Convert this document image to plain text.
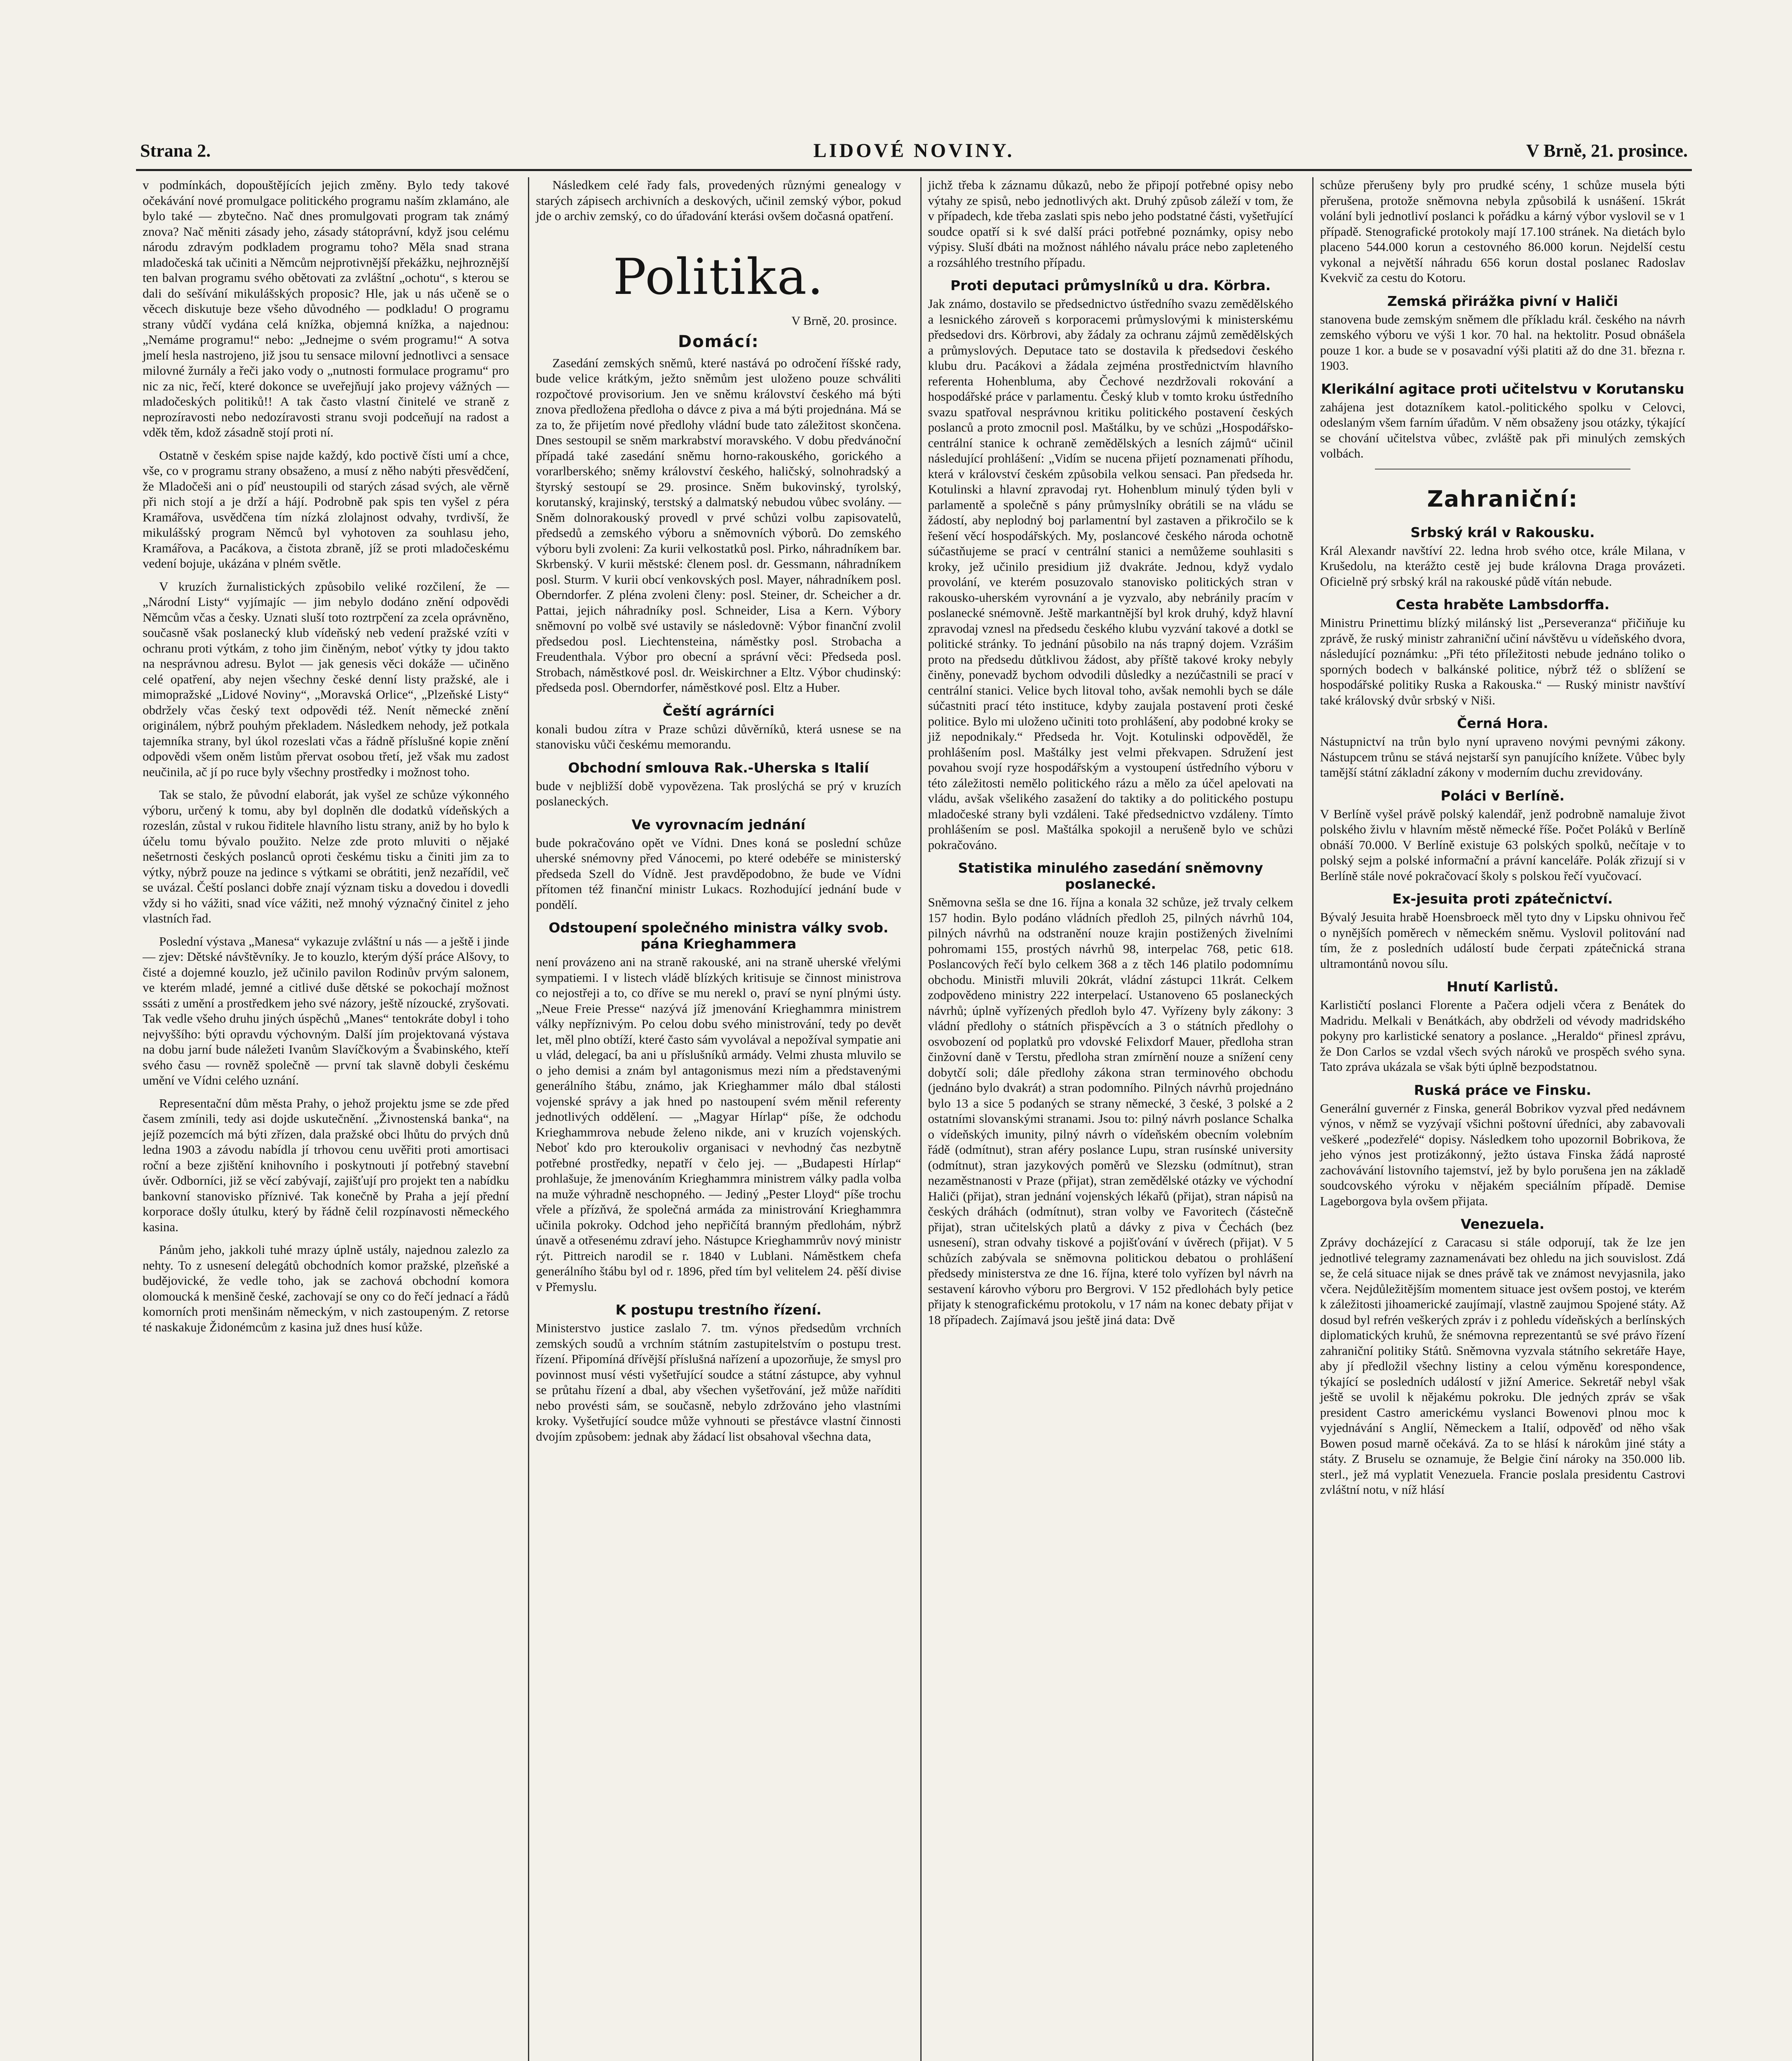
Strana 2.	LIDOVÉ NOVINY.	V Brně, 21. prosince.

v podmínkách, dopouštějících jejich změny. Bylo tedy takové očekávání nové promulgace politického programu naším zklamáno, ale bylo také — zbytečno. Nač dnes promulgovati program tak známý znova? Nač měniti zásady jeho, zásady státoprávní, když jsou celému národu zdravým podkladem programu toho? Měla snad strana mladočeská tak učiniti a Němcům nejprotivnější překážku, nejhroznější ten balvan programu svého obětovati za zvláštní „ochotu“, s kterou se dali do sešívání mikulášských proposic? Hle, jak u nás učeně se o věcech diskutuje beze všeho důvodného — podkladu! O programu strany vůdčí vydána celá knížka, objemná knížka, a najednou: „Nemáme programu!“ nebo: „Jednejme o svém programu!“ A sotva jmelí hesla nastrojeno, již jsou tu sensace milovní jednotlivci a sensace milovné žurnály a řeči jako vody o „nutnosti formulace programu“ pro nic za nic, řečí, které dokonce se uveřejňují jako projevy vážných — mladočeských politiků!! A tak často vlastní činitelé ve straně z neprozíravosti nebo nedozíravosti stranu svoji podceňují na radost a vděk těm, kdož zásadně stojí proti ní.

Ostatně v českém spise najde každý, kdo poctivě čísti umí a chce, vše, co v programu strany obsaženo, a musí z něho nabýti přesvědčení, že Mladočeši ani o píď neustoupili od starých zásad svých, ale věrně při nich stojí a je drží a hájí. Podrobně pak spis ten vyšel z péra Kramářova, usvědčena tím nízká zlolajnost odvahy, tvrdivší, že mikulášský program Němců byl vyhotoven za souhlasu jeho, Kramářova, a Pacákova, a čistota zbraně, jíž se proti mladočeskému vedení bojuje, ukázána v plném světle.

V kruzích žurnalistických způsobilo veliké rozčilení, že — „Národní Listy“ vyjímajíc — jim nebylo dodáno znění odpovědi Němcům včas a česky. Uznati sluší toto roztrpčení za zcela oprávněno, současně však poslanecký klub vídeňský neb vedení pražské vzíti v ochranu proti výtkám, z toho jim činěným, neboť výtky ty jdou takto na nesprávnou adresu. Bylot — jak genesis věci dokáže — učiněno celé opatření, aby nejen všechny české denní listy pražské, ale i mimopražské „Lidové Noviny“, „Moravská Orlice“, „Plzeňské Listy“ obdržely včas český text odpovědi též. Nenít německé znění originálem, nýbrž pouhým překladem. Následkem nehody, jež potkala tajemníka strany, byl úkol rozeslati včas a řádně příslušné kopie znění odpovědi všem oněm listům přervat osobou třetí, jež však mu zadost neučinila, ač jí po ruce byly všechny prostředky i možnost toho.

Tak se stalo, že původní elaborát, jak vyšel ze schůze výkonného výboru, určený k tomu, aby byl doplněn dle dodatků vídeňských a rozeslán, zůstal v rukou řiditele hlavního listu strany, aniž by ho bylo k účelu tomu bývalo použito. Nelze zde proto mluviti o nějaké nešetrnosti českých poslanců oproti českému tisku a činiti jim za to výtky, nýbrž pouze na jedince s výtkami se obrátiti, jenž nezařídil, več se uvázal. Čeští poslanci dobře znají význam tisku a dovedou i dovedli vždy si ho vážiti, snad více vážiti, než mnohý význačný činitel z jeho vlastních řad.

Poslední výstava „Manesa“ vykazuje zvláštní u nás — a ještě i jinde — zjev: Dětské návštěvníky. Je to kouzlo, kterým dýší práce Alšovy, to čisté a dojemné kouzlo, jež učinilo pavilon Rodinův prvým salonem, ve kterém mladé, jemné a citlivé duše dětské se pokochají možnost sssáti z umění a prostředkem jeho své názory, ještě nízoucké, zryšovati. Tak vedle všeho druhu jiných úspěchů „Manes“ tentokráte dobyl i toho nejvyššího: býti opravdu výchovným. Další jím projektovaná výstava na dobu jarní bude náležeti Ivanům Slavíčkovým a Švabinského, kteří svého času — rovněž společně — první tak slavně dobyli českému umění ve Vídni celého uznání.

Representační dům města Prahy, o jehož projektu jsme se zde před časem zmínili, tedy asi dojde uskutečnění. „Živnostenská banka“, na jejíž pozemcích má býti zřízen, dala pražské obci lhůtu do prvých dnů ledna 1903 a závodu nabídla jí trhovou cenu uvěřiti proti amortisaci roční a beze zjištění knihovního i poskytnouti jí potřebný stavební úvěr. Odborníci, již se věcí zabývají, zajišťují pro projekt ten a nabídku bankovní stanovisko příznivé. Tak konečně by Praha a její přední korporace došly útulku, který by řádně čelil rozpínavosti německého kasina.

Pánům jeho, jakkoli tuhé mrazy úplně ustály, najednou zalezlo za nehty. To z usnesení delegátů obchodních komor pražské, plzeňské a budějovické, že vedle toho, jak se zachová obchodní komora olomoucká k menšině české, zachovají se ony co do řečí jednací a řádů komorních proti menšinám německým, v nich zastoupeným. Z retorse té naskakuje Židonémcům z kasina juž dnes husí kůže.

Následkem celé řady fals, provedených různými genealogy v starých zápisech archivních a deskových, učinil zemský výbor, pokud jde o archiv zemský, co do úřadování kterási ovšem dočasná opatření.

Politika.
V Brně, 20. prosince.
Domácí:

Zasedání zemských sněmů, které nastává po odročení říšské rady, bude velice krátkým, ježto sněmům jest uloženo pouze schváliti rozpočtové provisorium. Jen ve sněmu království českého má býti znova předložena předloha o dávce z piva a má býti projednána. Má se za to, že přijetím nové předlohy vládní bude tato záležitost skončena. Dnes sestoupil se sněm markrabství moravského. V dobu předvánoční případá také zasedání sněmu horno-rakouského, gorického a vorarlberského; sněmy království českého, haličský, solnohradský a štyrský sestoupí se 29. prosince. Sněm bukovinský, tyrolský, korutanský, krajinský, terstský a dalmatský nebudou vůbec svolány. — Sněm dolnorakouský provedl v prvé schůzi volbu zapisovatelů, předsedů a zemského výboru a sněmovních výborů. Do zemského výboru byli zvoleni: Za kurii velkostatků posl. Pirko, náhradníkem bar. Skrbenský. V kurii městské: členem posl. dr. Gessmann, náhradníkem posl. Sturm. V kurii obcí venkovských posl. Mayer, náhradníkem posl. Oberndorfer. Z pléna zvoleni členy: posl. Steiner, dr. Scheicher a dr. Pattai, jejich náhradníky posl. Schneider, Lisa a Kern. Výbory sněmovní po volbě své ustavily se následovně: Výbor finanční zvolil předsedou posl. Liechtensteina, náměstky posl. Strobacha a Freudenthala. Výbor pro obecní a správní věci: Předseda posl. Strobach, náměstkové posl. dr. Weiskirchner a Eltz. Výbor chudinský: předseda posl. Oberndorfer, náměstkové posl. Eltz a Huber.

Čeští agrárníci

konali budou zítra v Praze schůzi důvěrníků, která usnese se na stanovisku vůči českému memorandu.

Obchodní smlouva Rak.-Uherska s Italií

bude v nejbližší době vypovězena. Tak proslýchá se prý v kruzích poslaneckých.

Ve vyrovnacím jednání

bude pokračováno opět ve Vídni. Dnes koná se poslední schůze uherské snémovny před Vánocemi, po které odebéře se ministerský předseda Szell do Vídně. Jest pravděpodobno, že bude ve Vídni přítomen též finanční ministr Lukacs. Rozhodující jednání bude v pondělí.

Odstoupení společného ministra války svob. pána Krieghammera

není provázeno ani na straně rakouské, ani na straně uherské vřelými sympatiemi. I v listech vládě blízkých kritisuje se činnost ministrova co nejostřeji a to, co dříve se mu nerekl o, praví se nyní plnými ústy. „Neue Freie Presse“ nazývá jíž jmenování Krieghammra ministrem války nepříznivým. Po celou dobu svého ministrování, tedy po devět let, měl plno obtíží, které často sám vyvolával a nepožíval sympatie ani u vlád, delegací, ba ani u příslušníků armády. Velmi zhusta mluvilo se o jeho demisi a znám byl antagonismus mezi ním a představenými generálního štábu, známo, jak Krieghammer málo dbal stálosti vojenské správy a jak hned po nastoupení svém měnil referenty jednotlivých oddělení. — „Magyar Hírlap“ píše, že odchodu Krieghammrova nebude želeno nikde, ani v kruzích vojenských. Neboť kdo pro kteroukoliv organisaci v nevhodný čas nezbytně potřebné prostředky, nepatří v čelo jej. — „Budapesti Hírlap“ prohlašuje, že jmenováním Krieghammra ministrem války padla volba na muže výhradně neschopného. — Jediný „Pester Lloyd“ píše trochu vřele a přízňvá, že společná armáda za ministrování Krieghammra učinila pokroky. Odchod jeho nepřičítá branným předlohám, nýbrž únavě a otřesenému zdraví jeho. Nástupce Krieghammrův nový ministr rýt. Pittreich narodil se r. 1840 v Lublani. Náměstkem chefa generálního štábu byl od r. 1896, před tím byl velitelem 24. pěší divise v Přemyslu.

K postupu trestního řízení.

Ministerstvo justice zaslalo 7. tm. výnos předsedům vrchních zemských soudů a vrchním státním zastupitelstvím o postupu trest. řízení. Připomíná dřívější příslušná nařízení a upozorňuje, že smysl pro povinnost musí vésti vyšetřující soudce a státní zástupce, aby vyhnul se průtahu řízení a dbal, aby všechen vyšetřování, jež může naříditi nebo provésti sám, se současně, nebylo zdržováno jeho vlastními kroky. Vyšetřující soudce může vyhnouti se přestávce vlastní činnosti dvojím způsobem: jednak aby žádací list obsahoval všechna data,

jichž třeba k záznamu důkazů, nebo že připojí potřebné opisy nebo výtahy ze spisů, nebo jednotlivých akt. Druhý způsob záleží v tom, že v případech, kde třeba zaslati spis nebo jeho podstatné části, vyšetřující soudce opatří si k své další práci potřebné poznámky, opisy nebo výpisy. Sluší dbáti na možnost náhlého návalu práce nebo zapleteného a rozsáhlého trestního případu.

Proti deputaci průmyslníků u dra. Körbra.

Jak známo, dostavilo se předsednictvo ústředního svazu zemědělského a lesnického zároveň s korporacemi průmyslovými k ministerskému předsedovi drs. Körbrovi, aby žádaly za ochranu zájmů zemědělských a průmyslových. Deputace tato se dostavila k předsedovi českého klubu dru. Pacákovi a žádala zejména prostřednictvím hlavního referenta Hohenbluma, aby Čechové nezdržovali rokování a hospodářské práce v parlamentu. Český klub v tomto kroku ústředního svazu spatřoval nesprávnou kritiku politického postavení českých poslanců a proto zmocnil posl. Maštálku, by ve schůzi „Hospodářsko-centrální stanice k ochraně zemědělských a lesních zájmů“ učinil následující prohlášení: „Vidím se nucena přijetí poznamenati příhodu, která v království českém způsobila velkou sensaci. Pan předseda hr. Kotulinski a hlavní zpravodaj ryt. Hohenblum minulý týden byli v parlamentě a společně s pány průmyslníky obrátili se na vládu se žádostí, aby neplodný boj parlamentní byl zastaven a přikročilo se k řešení věcí hospodářských. My, poslancové českého národa ochotně súčastňujeme se prací v centrální stanici a nemůžeme souhlasiti s kroky, jež učinilo presidium již dvakráte. Jednou, když vydalo provolání, ve kterém posuzovalo stanovisko politických stran v rakousko-uherském vyrovnání a je vyzvalo, aby nebránily pracím v poslanecké snémovně. Ještě markantnější byl krok druhý, když hlavní zpravodaj vznesl na předsedu českého klubu vyzvání takové a dotkl se politické stránky. To jednání působilo na nás trapný dojem. Vzrášim proto na předsedu důtklivou žádost, aby příště takové kroky nebyly činěny, ponevadž bychom odvodili důsledky a nezúčastnili se prací v centrální stanici. Velice bych litoval toho, avšak nemohli bych se dále súčastniti prací této instituce, kdyby zaujala postavení proti české politice. Bylo mi uloženo učiniti toto prohlášení, aby podobné kroky se již nepodnikaly.“ Předseda hr. Vojt. Kotulinski odpověděl, že prohlášením posl. Maštálky jest velmi překvapen. Sdružení jest povahou svojí ryze hospodářským a vystoupení ústředního výboru v této záležitosti nemělo politického rázu a mělo za účel apelovati na vládu, avšak všelikého zasažení do taktiky a do politického postupu mladočeské strany byli vzdáleni. Také předsednictvo vzdáleny. Tímto prohlášením se posl. Maštálka spokojil a nerušeně bylo ve schůzi pokračováno.

Statistika minulého zasedání sněmovny poslanecké.

Sněmovna sešla se dne 16. října a konala 32 schůze, jež trvaly celkem 157 hodin. Bylo podáno vládních předloh 25, pilných návrhů 104, pilných návrhů na odstranění nouze krajin postižených živelními pohromami 155, prostých návrhů 98, interpelac 768, petic 618. Poslancových řečí bylo celkem 368 a z těch 146 platilo podomnímu obchodu. Ministři mluvili 20krát, vládní zástupci 11krát. Celkem zodpovědeno ministry 222 interpelací. Ustanoveno 65 poslaneckých návrhů; úplně vyřízených předloh bylo 47. Vyřízeny byly zákony: 3 vládní předlohy o státních přispěvcích a 3 o státních předlohy o osvobození od poplatků pro vdovské Felixdorf Mauer, předloha stran činžovní daně v Terstu, předloha stran zmírnění nouze a snížení ceny dobytčí soli; dále předlohy zákona stran terminového obchodu (jednáno bylo dvakrát) a stran podomního. Pilných návrhů projednáno bylo 13 a sice 5 podaných se strany německé, 3 české, 3 polské a 2 ostatními slovanskými stranami. Jsou to: pilný návrh poslance Schalka o vídeňských imunity, pilný návrh o vídeňském obecním volebním řádě (odmítnut), stran aféry poslance Lupu, stran rusínské university (odmítnut), stran jazykových poměrů ve Slezsku (odmítnut), stran nezaměstnanosti v Praze (přijat), stran zemědělské otázky ve východní Haliči (přijat), stran jednání vojenských lékařů (přijat), stran nápisů na českých dráhách (odmítnut), stran volby ve Favoritech (částečně přijat), stran učitelských platů a dávky z piva v Čechách (bez usnesení), stran odvahy tiskové a pojišťování v úvěrech (přijat). V 5 schůzích zabývala se sněmovna politickou debatou o prohlášení předsedy ministerstva ze dne 16. října, které tolo vyřízen byl návrh na sestavení károvho výboru pro Bergrovi. V 152 předlohách byly petice přijaty k stenografickému protokolu, v 17 nám na konec debaty přijat v 18 případech. Zajímavá jsou ještě jiná data: Dvě

schůze přerušeny byly pro prudké scény, 1 schůze musela býti přerušena, protože sněmovna nebyla způsobilá k usnášení. 15krát volání byli jednotliví poslanci k pořádku a kárný výbor vyslovil se v 1 případě. Stenografické protokoly mají 17.100 stránek. Na dietách bylo placeno 544.000 korun a cestovného 86.000 korun. Nejdelší cestu vykonal a největší náhradu 656 korun dostal poslanec Radoslav Kvekvič za cestu do Kotoru.

Zemská přirážka pivní v Haliči

stanovena bude zemským sněmem dle příkladu král. českého na návrh zemského výboru ve výši 1 kor. 70 hal. na hektolitr. Posud obnášela pouze 1 kor. a bude se v posavadní výši platiti až do dne 31. března r. 1903.

Klerikální agitace proti učitelstvu v Korutansku

zahájena jest dotazníkem katol.-politického spolku v Celovci, odeslaným všem farním úřadům. V něm obsaženy jsou otázky, týkající se chování učitelstva vůbec, zvláště pak při minulých zemských volbách.

Zahraniční:
Srbský král v Rakousku.

Král Alexandr navštíví 22. ledna hrob svého otce, krále Milana, v Krušedolu, na kterážto cestě jej bude královna Draga provázeti. Oficielně prý srbský král na rakouské půdě vítán nebude.

Cesta hraběte Lambsdorffa.

Ministru Prinettimu blízký milánský list „Perseveranza“ přičiňuje ku zprávě, že ruský ministr zahraniční učiní návštěvu u vídeňského dvora, následující poznámku: „Při této příležitosti nebude jednáno toliko o sporných bodech v balkánské politice, nýbrž též o sblížení se hospodářské politiky Ruska a Rakouska.“ — Ruský ministr navštíví také královský dvůr srbský v Niši.

Černá Hora.

Nástupnictví na trůn bylo nyní upraveno novými pevnými zákony. Nástupcem trůnu se stává nejstarší syn panujícího knížete. Vůbec byly tamější státní základní zákony v moderním duchu zrevidovány.

Poláci v Berlíně.

V Berlíně vyšel právě polský kalendář, jenž podrobně namaluje život polského živlu v hlavním městě německé říše. Počet Poláků v Berlíně obnáší 70.000. V Berlíně existuje 63 polských spolků, nečítaje v to polský sejm a polské informační a právní kanceláře. Polák zřizují si v Berlíně stále nové pokračovací školy s polskou řečí vyučovací.

Ex-jesuita proti zpátečnictví.

Bývalý Jesuita hrabě Hoensbroeck měl tyto dny v Lipsku ohnivou řeč o nynějších poměrech v německém sněmu. Vyslovil politování nad tím, že z posledních událostí bude čerpati zpátečnická strana ultramontánů novou sílu.

Hnutí Karlistů.

Karlističtí poslanci Florente a Pačera odjeli včera z Benátek do Madridu. Melkali v Benátkách, aby obdrželi od vévody madridského pokyny pro karlistické senatory a poslance. „Heraldo“ přinesl zprávu, že Don Carlos se vzdal všech svých nároků ve prospěch svého syna. Tato zpráva ukázala se však býti úplně bezpodstatnou.

Ruská práce ve Finsku.

Generální guvernér z Finska, generál Bobrikov vyzval před nedávnem výnos, v němž se vyzývají všichni poštovní úředníci, aby zabavovali veškeré „podezřelé“ dopisy. Následkem toho upozornil Bobrikova, že jeho výnos jest protizákonný, ježto ústava Finska žádá naprosté zachovávání listovního tajemství, jež by bylo porušena jen na základě soudcovského výroku v nějakém speciálním případě. Demise Lageborgova byla ovšem přijata.

Venezuela.

Zprávy docházející z Caracasu si stále odporují, tak že lze jen jednotlivé telegramy zaznamenávati bez ohledu na jich souvislost. Zdá se, že celá situace nijak se dnes právě tak ve známost nevyjasnila, jako včera. Nejdůležitějším momentem situace jest ovšem postoj, ve kterém k záležitosti jihoamerické zaujímají, vlastně zaujmou Spojené státy. Až dosud byl refrén veškerých zpráv i z pohledu vídeňských a berlínských diplomatických kruhů, že snémovna reprezentantů se své právo řízení zahraniční politiky Států. Sněmovna vyzvala státního sekretáře Haye, aby jí předložil všechny listiny a celou výměnu korespondence, týkající se posledních událostí v jižní Americe. Sekretář nebyl však ještě se uvolil k nějakému pokroku. Dle jedných zpráv se však president Castro americkému vyslanci Bowenovi plnou moc k vyjednávání s Anglií, Německem a Italií, odpověď od něho však Bowen posud marně očekává. Za to se hlásí k nárokům jiné státy a státy. Z Bruselu se oznamuje, že Belgie činí nároky na 350.000 lib. sterl., jež má vyplatit Venezuela. Francie poslala presidentu Castrovi zvláštní notu, v níž hlásí
